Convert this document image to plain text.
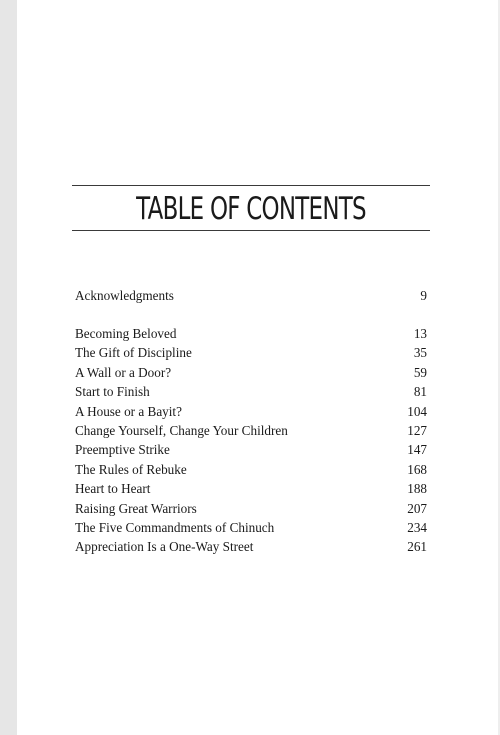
TABLE OF CONTENTS
Acknowledgments	9
Becoming Beloved	13
The Gift of Discipline	35
A Wall or a Door?	59
Start to Finish	81
A House or a Bayit?	104
Change Yourself, Change Your Children	127
Preemptive Strike	147
The Rules of Rebuke	168
Heart to Heart	188
Raising Great Warriors	207
The Five Commandments of Chinuch	234
Appreciation Is a One-Way Street	261
